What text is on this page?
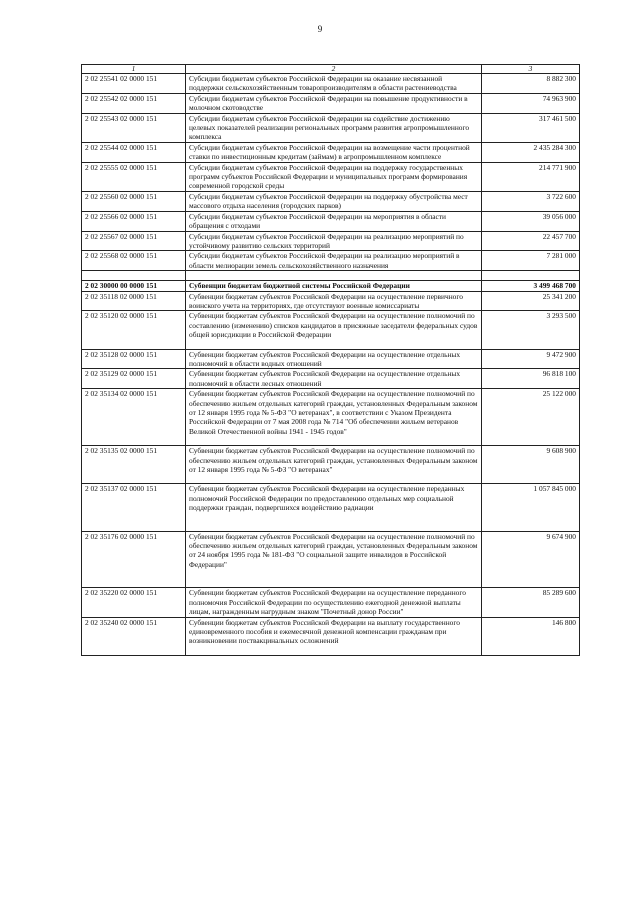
9
1	2	3
2 02 25541 02 0000 151	Субсидии бюджетам субъектов Российской Федерации на оказание несвязанной поддержки сельскохозяйственным товаропроизводителям в области растениеводства	8 882 300
2 02 25542 02 0000 151	Субсидии бюджетам субъектов Российской Федерации на повышение продуктивности в молочном скотоводстве	74 963 900
2 02 25543 02 0000 151	Субсидии бюджетам субъектов Российской Федерации на содействие достижению целевых показателей реализации региональных программ развития агропромышленного комплекса	317 461 500
2 02 25544 02 0000 151	Субсидии бюджетам субъектов Российской Федерации на возмещение части процентной ставки по инвестиционным кредитам (займам) в агропромышленном комплексе	2 435 284 300
2 02 25555 02 0000 151	Субсидии бюджетам субъектов Российской Федерации на поддержку государственных программ субъектов Российской Федерации и муниципальных программ формирования современной городской среды	214 771 900
2 02 25560 02 0000 151	Субсидии бюджетам субъектов Российской Федерации на поддержку обустройства мест массового отдыха населения (городских парков)	3 722 600
2 02 25566 02 0000 151	Субсидии бюджетам субъектов Российской Федерации на мероприятия в области обращения с отходами	39 056 000
2 02 25567 02 0000 151	Субсидии бюджетам субъектов Российской Федерации на реализацию мероприятий по устойчивому развитию сельских территорий	22 457 700
2 02 25568 02 0000 151	Субсидии бюджетам субъектов Российской Федерации на реализацию мероприятий в области мелиорации земель сельскохозяйственного назначения	7 281 000

2 02 30000 00 0000 151	Субвенции бюджетам бюджетной системы Российской Федерации	3 499 468 700
2 02 35118 02 0000 151	Субвенции бюджетам субъектов Российской Федерации на осуществление первичного воинского учета на территориях, где отсутствуют военные комиссариаты	25 341 200
2 02 35120 02 0000 151	Субвенции бюджетам субъектов Российской Федерации на осуществление полномочий по составлению (изменению) списков кандидатов в присяжные заседатели федеральных судов общей юрисдикции в Российской Федерации	3 293 500
2 02 35128 02 0000 151	Субвенции бюджетам субъектов Российской Федерации на осуществление отдельных полномочий в области водных отношений	9 472 900
2 02 35129 02 0000 151	Субвенции бюджетам субъектов Российской Федерации на осуществление отдельных полномочий в области лесных отношений	96 818 100
2 02 35134 02 0000 151	Субвенции бюджетам субъектов Российской Федерации на осуществление полномочий по обеспечению жильем отдельных категорий граждан, установленных Федеральным законом от 12 января 1995 года № 5-ФЗ "О ветеранах", в соответствии с Указом Президента Российской Федерации от 7 мая 2008 года № 714 "Об обеспечении жильем ветеранов Великой Отечественной войны 1941 - 1945 годов"	25 122 000
2 02 35135 02 0000 151	Субвенции бюджетам субъектов Российской Федерации на осуществление полномочий по обеспечению жильем отдельных категорий граждан, установленных Федеральным законом от 12 января 1995 года № 5-ФЗ "О ветеранах"	9 608 900
2 02 35137 02 0000 151	Субвенции бюджетам субъектов Российской Федерации на осуществление переданных полномочий Российской Федерации по предоставлению отдельных мер социальной поддержки граждан, подвергшихся воздействию радиации	1 057 845 000
2 02 35176 02 0000 151	Субвенции бюджетам субъектов Российской Федерации на осуществление полномочий по обеспечению жильем отдельных категорий граждан, установленных Федеральным законом от 24 ноября 1995 года № 181-ФЗ "О социальной защите инвалидов в Российской Федерации"	9 674 900
2 02 35220 02 0000 151	Субвенции бюджетам субъектов Российской Федерации на осуществление переданного полномочия Российской Федерации по осуществлению ежегодной денежной выплаты лицам, награжденным нагрудным знаком "Почетный донор России"	85 289 600
2 02 35240 02 0000 151	Субвенции бюджетам субъектов Российской Федерации на выплату государственного единовременного пособия и ежемесячной денежной компенсации гражданам при возникновении поствакцинальных осложнений	146 800
